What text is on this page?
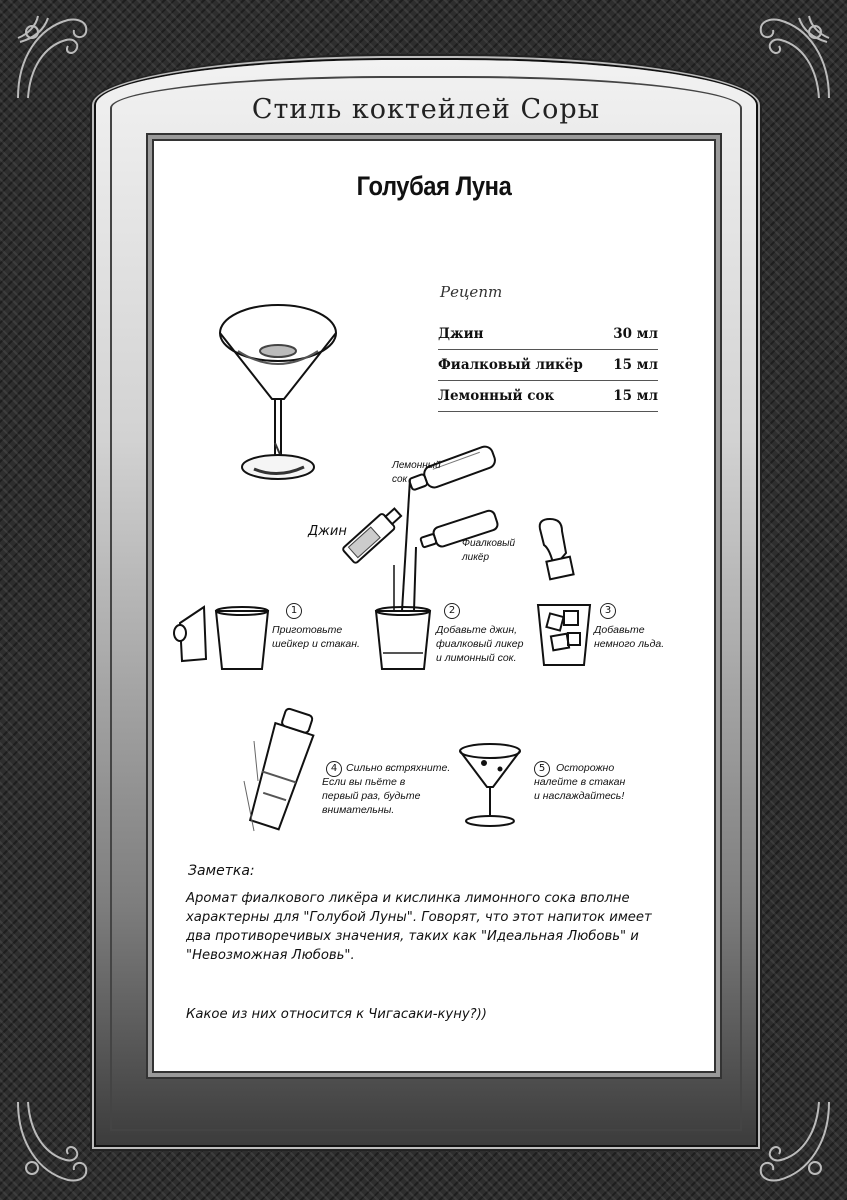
Стиль коктейлей Соры
Голубая Луна
Рецепт
Джин	30 мл
Фиалковый ликёр 15 мл
Лемонный сок	15 мл
Лемонный
сок
Джин
Фиалковый
ликёр
1
Приготовьте
шейкер и стакан.
2
Добавьте джин,
фиалковый ликер
и лимонный сок.
3
Добавьте
немного льда.
4 Сильно встряхните.
Если вы пьёте в
первый раз, будьте
внимательны.
5	Осторожно
налейте в стакан
и наслаждайтесь!
Заметка:

Аромат фиалкового ликёра и кислинка лимонного сока вполне характерны для "Голубой Луны". Говорят, что этот напиток имеет два противоречивых значения, таких как "Идеальная Любовь" и "Невозможная Любовь".

Какое из них относится к Чигасаки-куну?))
